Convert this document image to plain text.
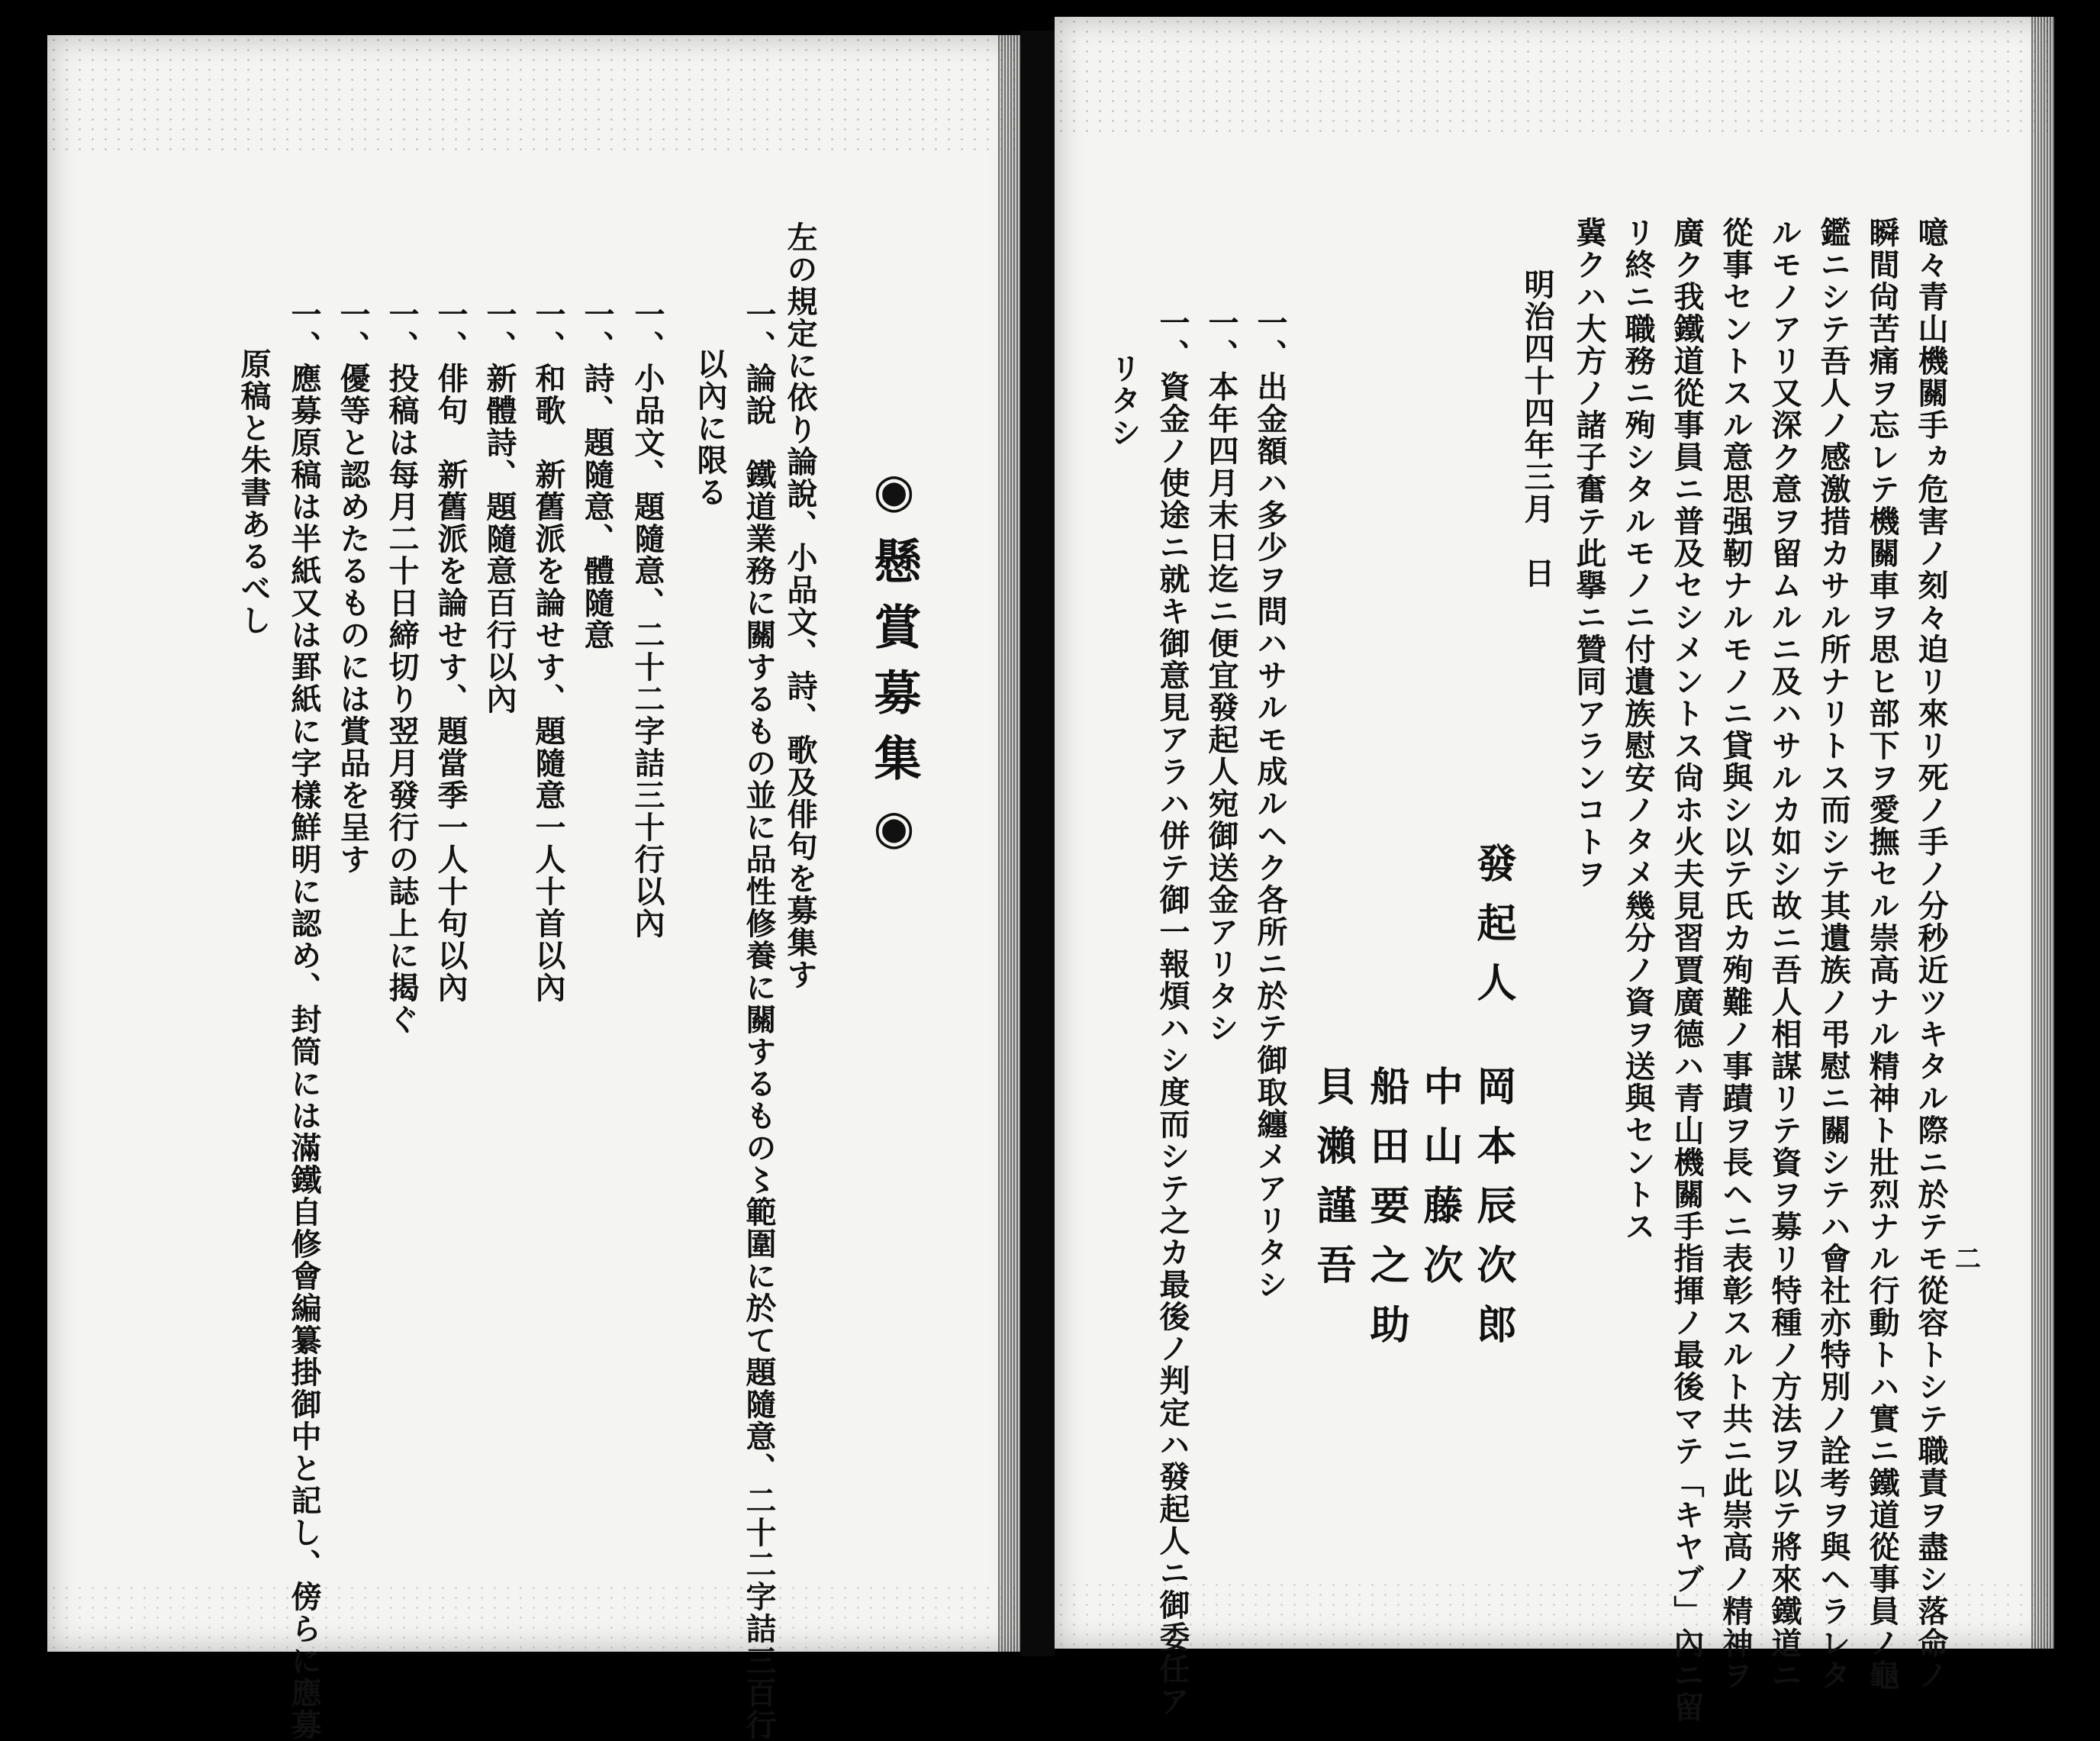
◉懸賞募集◉
左の規定に依り論說、小品文、詩、歌及俳句を募集す
一、論說　鐵道業務に關するもの並に品性修養に關するもの〻範圍に於て題隨意、二十二字詰三百行
以內に限る
一、小品文、題隨意、二十二字詰三十行以內
一、詩、題隨意、體隨意
一、和歌　新舊派を論せす、題隨意一人十首以內
一、新體詩、題隨意百行以內
一、俳句　新舊派を論せす、題當季一人十句以內
一、投稿は每月二十日締切り翌月發行の誌上に揭ぐ
一、優等と認めたるものには賞品を呈す
一、應募原稿は半紙又は罫紙に字樣鮮明に認め、封筒には滿鐵自修會編纂掛御中と記し、傍らに應募
原稿と朱書あるべし	噫々青山機關手ヵ危害ノ刻々迫リ來リ死ノ手ノ分秒近ツキタル際ニ於テモ從容トシテ職責ヲ盡シ落命ノ
瞬間尙苦痛ヲ忘レテ機關車ヲ思ヒ部下ヲ愛撫セル崇高ナル精神ト壯烈ナル行動トハ實ニ鐵道從事員ノ龜
鑑ニシテ吾人ノ感激措カサル所ナリトス而シテ其遺族ノ弔慰ニ關シテハ會社亦特別ノ詮考ヲ與ヘラレタ
ルモノアリ又深ク意ヲ留ムルニ及ハサルカ如シ故ニ吾人相謀リテ資ヲ募リ特種ノ方法ヲ以テ將來鐵道ニ
從事セントスル意思强靭ナルモノニ貸與シ以テ氏カ殉難ノ事蹟ヲ長ヘニ表彰スルト共ニ此崇高ノ精神ヲ
廣ク我鐵道從事員ニ普及セシメントス尙ホ火夫見習賈廣德ハ青山機關手指揮ノ最後マテ「キヤブ」內ニ留
リ終ニ職務ニ殉シタルモノニ付遺族慰安ノタメ幾分ノ資ヲ送與セントス
冀クハ大方ノ諸子奮テ此擧ニ贊同アランコトヲ
明治四十四年三月　日
發起人
岡本辰次郎
中山藤次
船田要之助
貝瀨謹吾
一、出金額ハ多少ヲ問ハサルモ成ルヘク各所ニ於テ御取纏メアリタシ
一、本年四月末日迄ニ便宜發起人宛御送金アリタシ
一、資金ノ使途ニ就キ御意見アラハ併テ御一報煩ハシ度而シテ之カ最後ノ判定ハ發起人ニ御委任ア
リタシ
二
